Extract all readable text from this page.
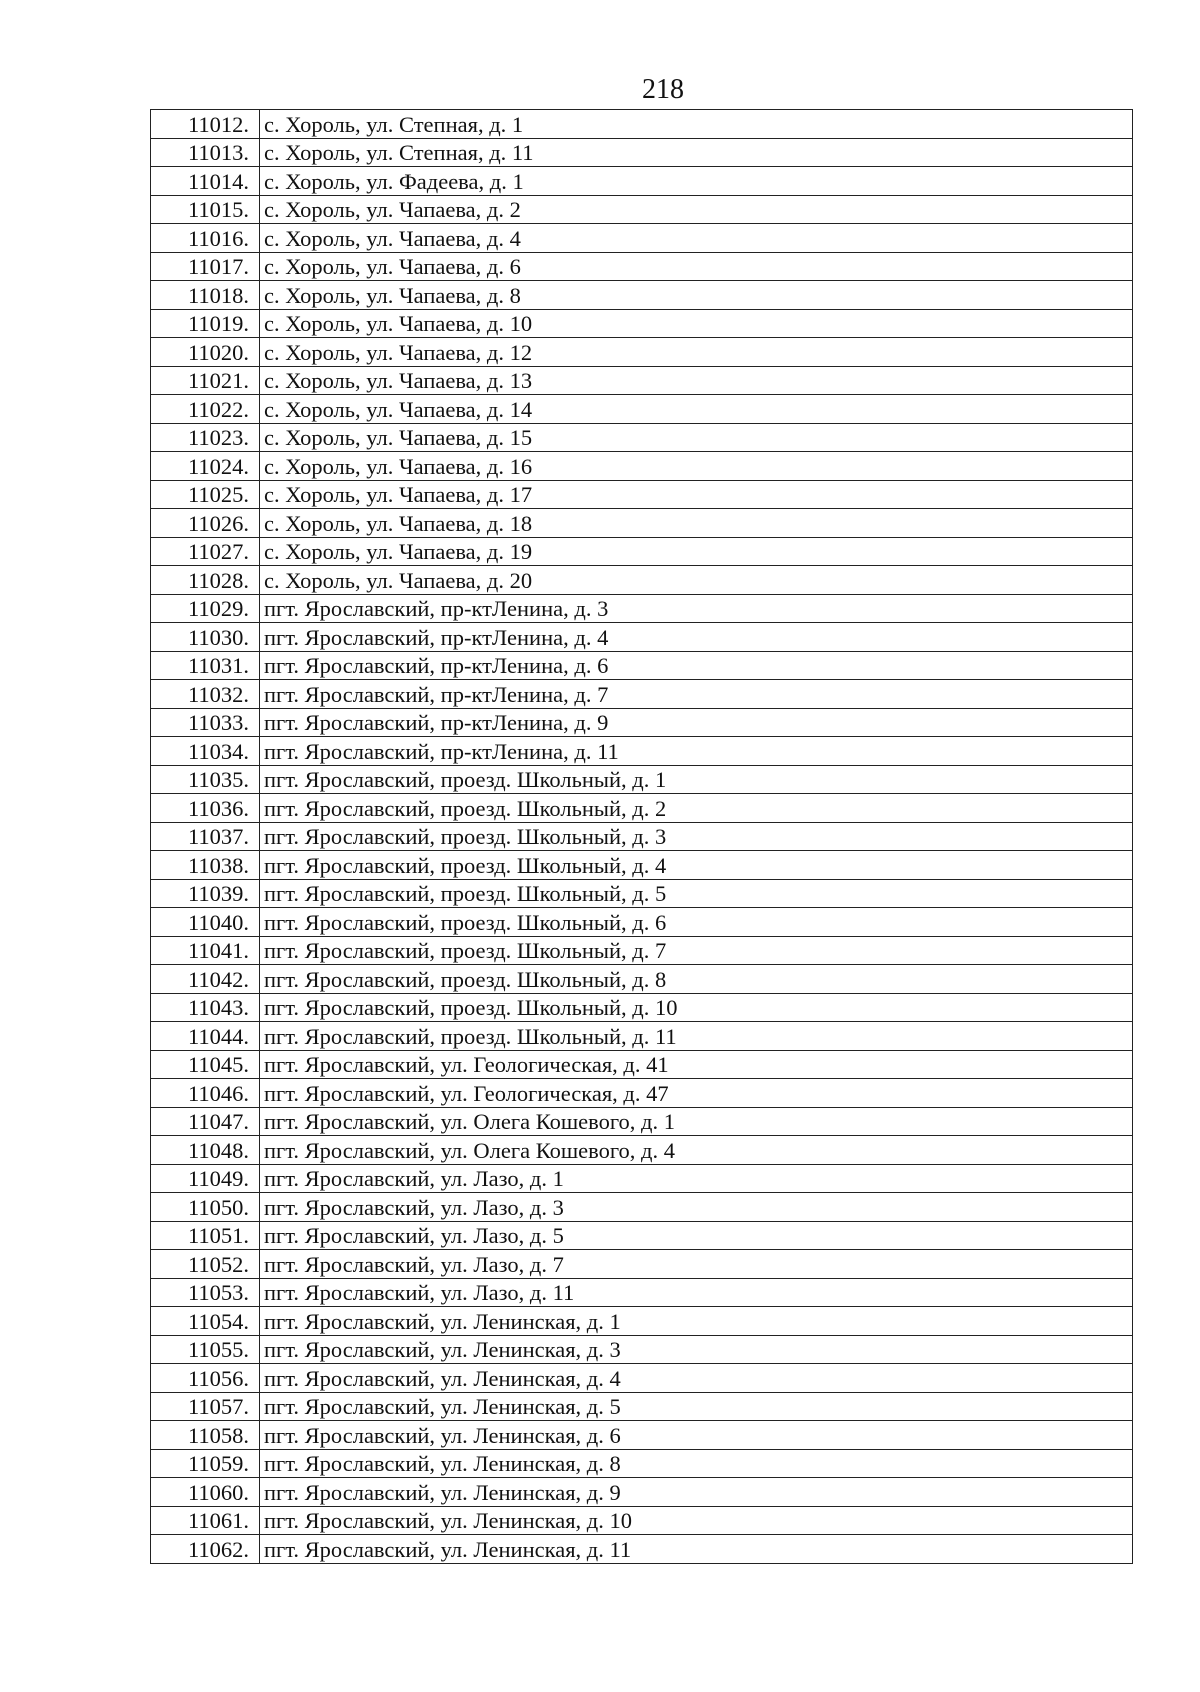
218
11012.	с. Хороль, ул. Степная, д. 1
11013.	с. Хороль, ул. Степная, д. 11
11014.	с. Хороль, ул. Фадеева, д. 1
11015.	с. Хороль, ул. Чапаева, д. 2
11016.	с. Хороль, ул. Чапаева, д. 4
11017.	с. Хороль, ул. Чапаева, д. 6
11018.	с. Хороль, ул. Чапаева, д. 8
11019.	с. Хороль, ул. Чапаева, д. 10
11020.	с. Хороль, ул. Чапаева, д. 12
11021.	с. Хороль, ул. Чапаева, д. 13
11022.	с. Хороль, ул. Чапаева, д. 14
11023.	с. Хороль, ул. Чапаева, д. 15
11024.	с. Хороль, ул. Чапаева, д. 16
11025.	с. Хороль, ул. Чапаева, д. 17
11026.	с. Хороль, ул. Чапаева, д. 18
11027.	с. Хороль, ул. Чапаева, д. 19
11028.	с. Хороль, ул. Чапаева, д. 20
11029.	пгт. Ярославский, пр-ктЛенина, д. 3
11030.	пгт. Ярославский, пр-ктЛенина, д. 4
11031.	пгт. Ярославский, пр-ктЛенина, д. 6
11032.	пгт. Ярославский, пр-ктЛенина, д. 7
11033.	пгт. Ярославский, пр-ктЛенина, д. 9
11034.	пгт. Ярославский, пр-ктЛенина, д. 11
11035.	пгт. Ярославский, проезд. Школьный, д. 1
11036.	пгт. Ярославский, проезд. Школьный, д. 2
11037.	пгт. Ярославский, проезд. Школьный, д. 3
11038.	пгт. Ярославский, проезд. Школьный, д. 4
11039.	пгт. Ярославский, проезд. Школьный, д. 5
11040.	пгт. Ярославский, проезд. Школьный, д. 6
11041.	пгт. Ярославский, проезд. Школьный, д. 7
11042.	пгт. Ярославский, проезд. Школьный, д. 8
11043.	пгт. Ярославский, проезд. Школьный, д. 10
11044.	пгт. Ярославский, проезд. Школьный, д. 11
11045.	пгт. Ярославский, ул. Геологическая, д. 41
11046.	пгт. Ярославский, ул. Геологическая, д. 47
11047.	пгт. Ярославский, ул. Олега Кошевого, д. 1
11048.	пгт. Ярославский, ул. Олега Кошевого, д. 4
11049.	пгт. Ярославский, ул. Лазо, д. 1
11050.	пгт. Ярославский, ул. Лазо, д. 3
11051.	пгт. Ярославский, ул. Лазо, д. 5
11052.	пгт. Ярославский, ул. Лазо, д. 7
11053.	пгт. Ярославский, ул. Лазо, д. 11
11054.	пгт. Ярославский, ул. Ленинская, д. 1
11055.	пгт. Ярославский, ул. Ленинская, д. 3
11056.	пгт. Ярославский, ул. Ленинская, д. 4
11057.	пгт. Ярославский, ул. Ленинская, д. 5
11058.	пгт. Ярославский, ул. Ленинская, д. 6
11059.	пгт. Ярославский, ул. Ленинская, д. 8
11060.	пгт. Ярославский, ул. Ленинская, д. 9
11061.	пгт. Ярославский, ул. Ленинская, д. 10
11062.	пгт. Ярославский, ул. Ленинская, д. 11
